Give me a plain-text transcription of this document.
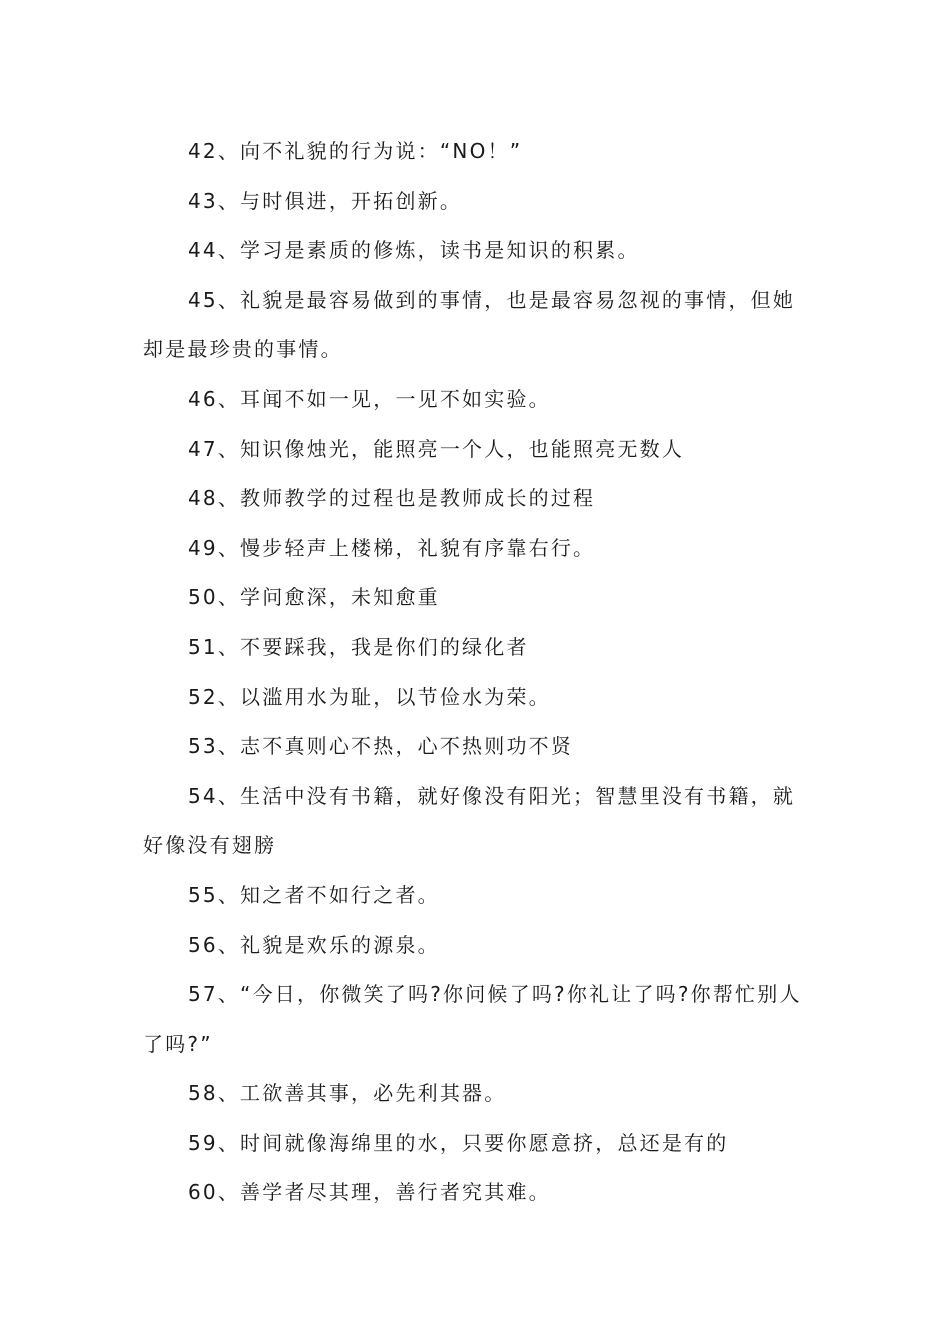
42、向不礼貌的行为说：“NO！”

43、与时俱进，开拓创新。

44、学习是素质的修炼，读书是知识的积累。

45、礼貌是最容易做到的事情，也是最容易忽视的事情，但她

却是最珍贵的事情。

46、耳闻不如一见，一见不如实验。

47、知识像烛光，能照亮一个人，也能照亮无数人

48、教师教学的过程也是教师成长的过程

49、慢步轻声上楼梯，礼貌有序靠右行。

50、学问愈深，未知愈重

51、不要踩我，我是你们的绿化者

52、以滥用水为耻，以节俭水为荣。

53、志不真则心不热，心不热则功不贤

54、生活中没有书籍，就好像没有阳光；智慧里没有书籍，就

好像没有翅膀

55、知之者不如行之者。

56、礼貌是欢乐的源泉。

57、“今日，你微笑了吗?你问候了吗?你礼让了吗?你帮忙别人

了吗?”

58、工欲善其事，必先利其器。

59、时间就像海绵里的水，只要你愿意挤，总还是有的

60、善学者尽其理，善行者究其难。
